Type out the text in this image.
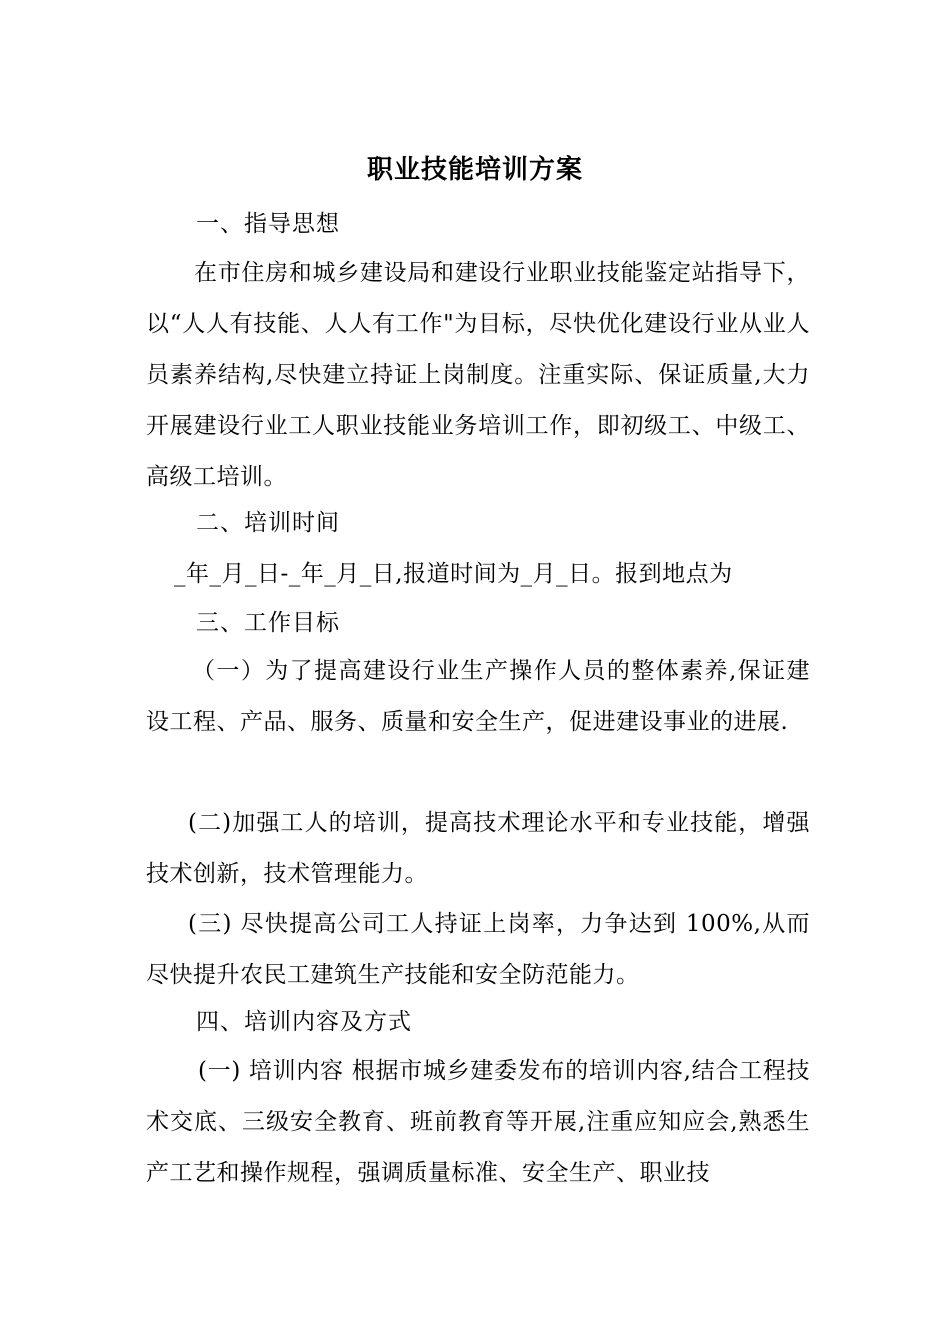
职业技能培训方案
一、指导思想
在市住房和城乡建设局和建设行业职业技能鉴定站指导下，以“人人有技能、人人有工作"为目标，尽快优化建设行业从业人员素养结构,尽快建立持证上岗制度。注重实际、保证质量,大力开展建设行业工人职业技能业务培训工作，即初级工、中级工、高级工培训。
二、培训时间
_年_月_日-_年_月_日,报道时间为_月_日。报到地点为
三、工作目标
（一）为了提高建设行业生产操作人员的整体素养,保证建设工程、产品、服务、质量和安全生产，促进建设事业的进展.
(二)加强工人的培训，提高技术理论水平和专业技能，增强技术创新，技术管理能力。
(三) 尽快提高公司工人持证上岗率，力争达到 100%,从而尽快提升农民工建筑生产技能和安全防范能力。
四、培训内容及方式
(一) 培训内容 根据市城乡建委发布的培训内容,结合工程技术交底、三级安全教育、班前教育等开展,注重应知应会,熟悉生产工艺和操作规程，强调质量标准、安全生产、职业技
